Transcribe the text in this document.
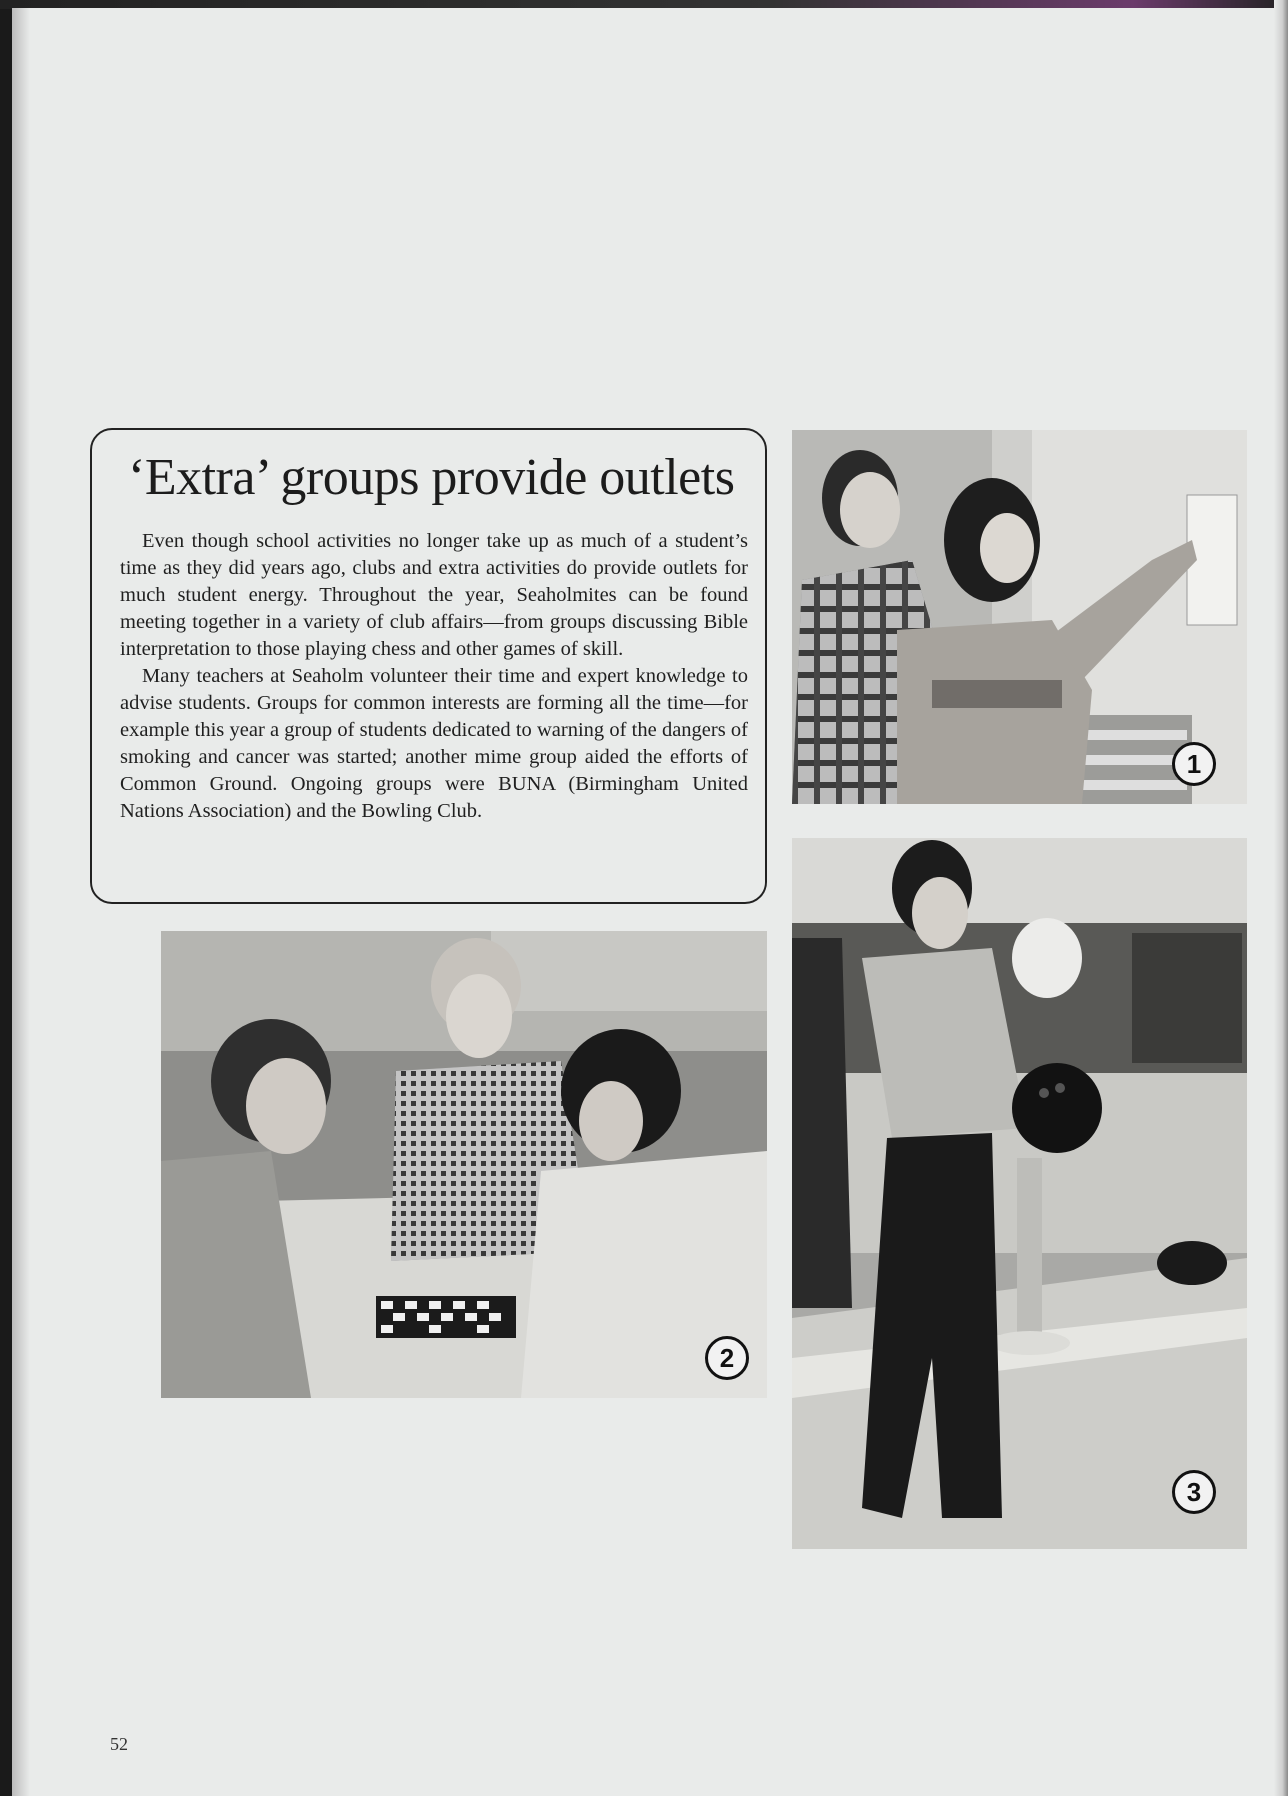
‘Extra’ groups provide outlets

Even though school activities no longer take up as much of a student’s time as they did years ago, clubs and extra activities do provide outlets for much student energy. Throughout the year, Seaholmites can be found meeting together in a variety of club affairs—from groups discussing Bible interpretation to those playing chess and other games of skill.

Many teachers at Seaholm volunteer their time and expert knowledge to advise students. Groups for common interests are forming all the time—for example this year a group of students dedicated to warning of the dangers of smoking and cancer was started; another mime group aided the efforts of Common Ground. Ongoing groups were BUNA (Birmingham United Nations Association) and the Bowling Club.

1
2
3
52
